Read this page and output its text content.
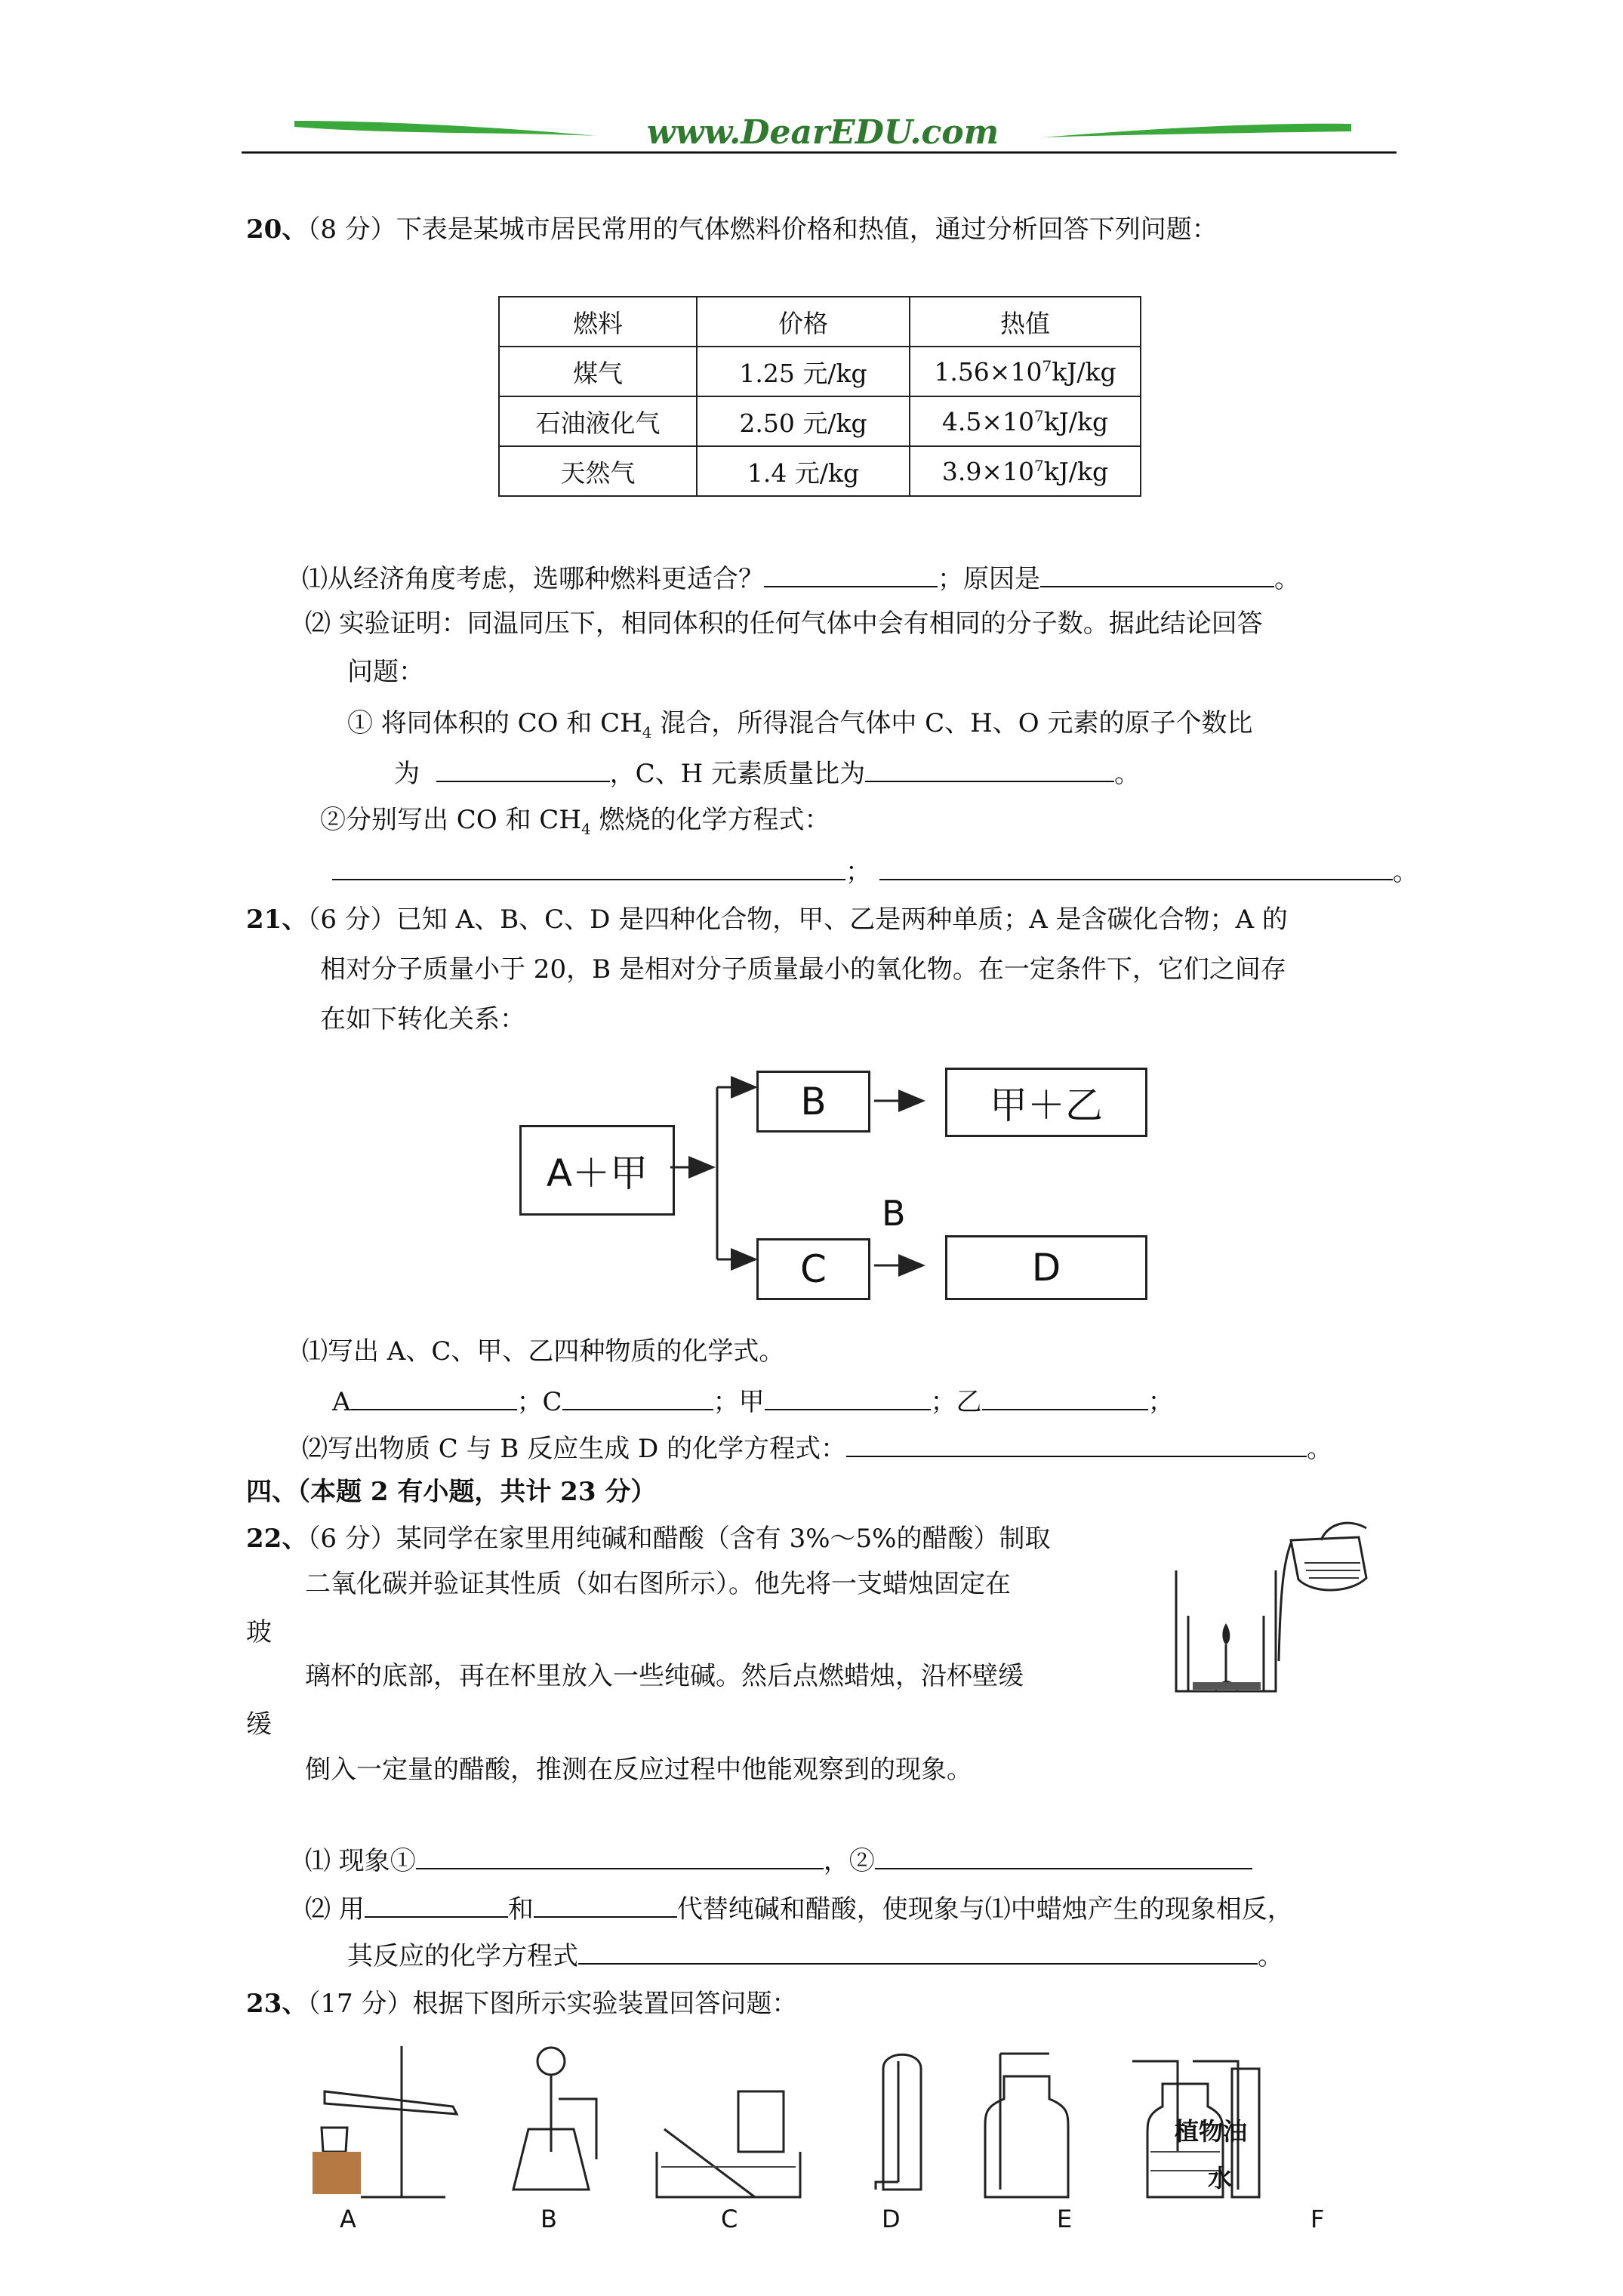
www.DearEDU.com
20、（8 分）下表是某城市居民常用的气体燃料价格和热值，通过分析回答下列问题：
燃料	价格	热值
煤气	1.25 元/kg	$1.56\times 10^7kJ/kg$
石油液化气	2.50 元/kg	$4.5\times 10^7kJ/kg$
天然气	1.4 元/kg	$3.9\times 10^7kJ/kg$
⑴从经济角度考虑，选哪种燃料更适合？	；原因是	。
⑵ 实验证明：同温同压下，相同体积的任何气体中会有相同的分子数。据此结论回答
问题：
① 将同体积的 CO 和 $CH_4$ 混合，所得混合气体中 C、H、O 元素的原子个数比
为	，C、H 元素质量比为	。
②分别写出 CO 和 $CH_4$ 燃烧的化学方程式：
；	。
21、（6 分）已知 A、B、C、D 是四种化合物，甲、乙是两种单质；A 是含碳化合物；A 的
相对分子质量小于 20，B 是相对分子质量最小的氧化物。在一定条件下，它们之间存
在如下转化关系：
A＋甲
B	甲＋乙
C	D
B
⑴写出 A、C、甲、乙四种物质的化学式。
A	；C	；甲	；乙	；
⑵写出物质 C 与 B 反应生成 D 的化学方程式：	。
四、（本题 2 有小题，共计 23 分）
22、（6 分）某同学在家里用纯碱和醋酸（含有 3%～5%的醋酸）制取
二氧化碳并验证其性质（如右图所示）。他先将一支蜡烛固定在
玻
璃杯的底部，再在杯里放入一些纯碱。然后点燃蜡烛，沿杯壁缓
缓
倒入一定量的醋酸，推测在反应过程中他能观察到的现象。
⑴ 现象①	，②
⑵ 用	和	代替纯碱和醋酸，使现象与⑴中蜡烛产生的现象相反，
其反应的化学方程式	。
23、（17 分）根据下图所示实验装置回答问题：
植物油
水
A	B	C	D	E	F
